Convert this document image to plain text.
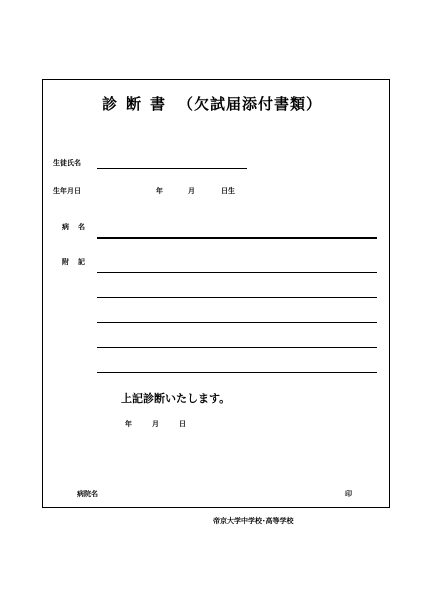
診断書 （欠試届添付書類）
生徒氏名
生年月日	年	月	日生
病名
附記
上記診断いたします。
年	月	日
病院名	印
帝京大学中学校･高等学校
